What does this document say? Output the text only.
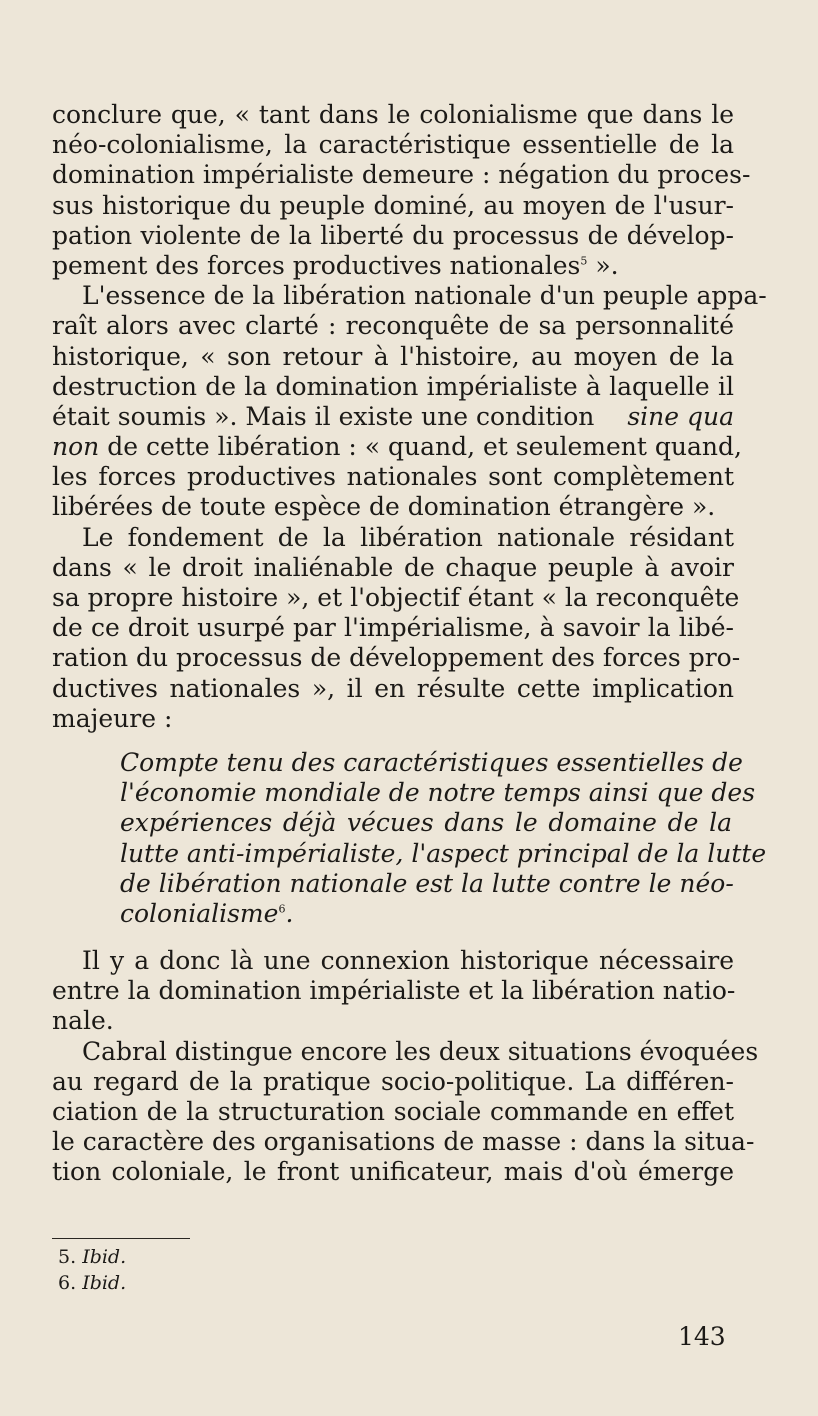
conclure que, « tant dans le colonialisme que dans le
néo-colonialisme, la caractéristique essentielle de la
domination impérialiste demeure : négation du proces-
sus historique du peuple dominé, au moyen de l'usur-
pation violente de la liberté du processus de dévelop-
pement des forces productives nationales$^5$ ».
L'essence de la libération nationale d'un peuple appa-
raît alors avec clarté : reconquête de sa personnalité
historique, « son retour à l'histoire, au moyen de la
destruction de la domination impérialiste à laquelle il
était soumis ». Mais il existe une condition sine qua
non de cette libération : « quand, et seulement quand,
les forces productives nationales sont complètement
libérées de toute espèce de domination étrangère ».
Le fondement de la libération nationale résidant
dans « le droit inaliénable de chaque peuple à avoir
sa propre histoire », et l'objectif étant « la reconquête
de ce droit usurpé par l'impérialisme, à savoir la libé-
ration du processus de développement des forces pro-
ductives nationales », il en résulte cette implication
majeure :
Compte tenu des caractéristiques essentielles de
l'économie mondiale de notre temps ainsi que des
expériences déjà vécues dans le domaine de la
lutte anti-impérialiste, l'aspect principal de la lutte
de libération nationale est la lutte contre le néo-
colonialisme$^6$.
Il y a donc là une connexion historique nécessaire
entre la domination impérialiste et la libération natio-
nale.
Cabral distingue encore les deux situations évoquées
au regard de la pratique socio-politique. La différen-
ciation de la structuration sociale commande en effet
le caractère des organisations de masse : dans la situa-
tion coloniale, le front unificateur, mais d'où émerge
5. Ibid.
6. Ibid.
143
